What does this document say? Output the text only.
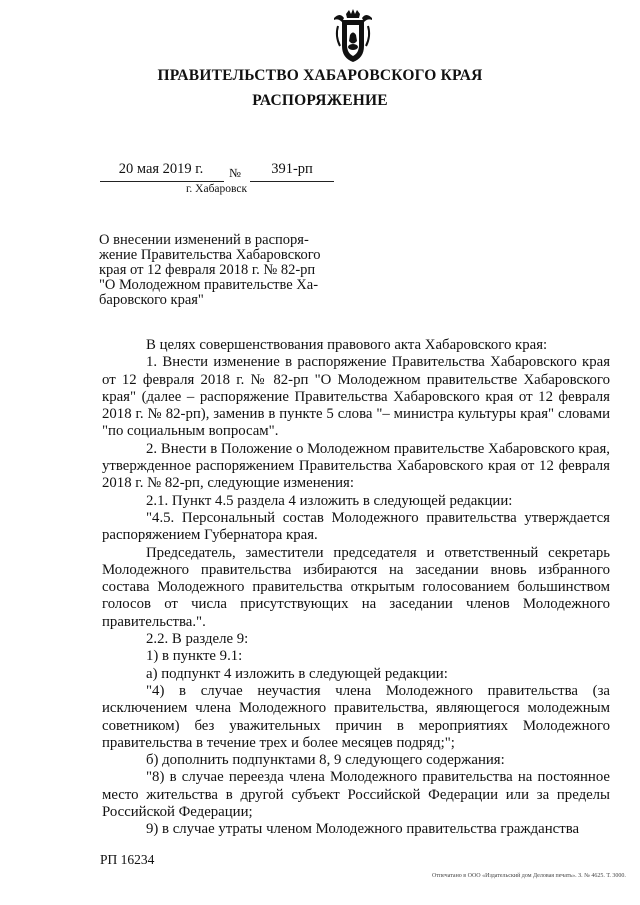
ПРАВИТЕЛЬСТВО ХАБАРОВСКОГО КРАЯ
РАСПОРЯЖЕНИЕ
20 мая 2019 г.	№	391-рп
г. Хабаровск
О внесении изменений в распоря-
жение Правительства Хабаровского
края от 12 февраля 2018 г. № 82-рп
"О Молодежном правительстве Ха-
баровского края"

В целях совершенствования правового акта Хабаровского края:

1. Внести изменение в распоряжение Правительства Хабаровского края от 12 февраля 2018 г. № 82-рп "О Молодежном правительстве Хабаровского края" (далее – распоряжение Правительства Хабаровского края от 12 февраля 2018 г. № 82-рп), заменив в пункте 5 слова "– министра культуры края" словами "по социальным вопросам".

2. Внести в Положение о Молодежном правительстве Хабаровского края, утвержденное распоряжением Правительства Хабаровского края от 12 февраля 2018 г. № 82-рп, следующие изменения:

2.1. Пункт 4.5 раздела 4 изложить в следующей редакции:

"4.5. Персональный состав Молодежного правительства утверждается распоряжением Губернатора края.

Председатель, заместители председателя и ответственный секретарь Молодежного правительства избираются на заседании вновь избранного состава Молодежного правительства открытым голосованием большинством голосов от числа присутствующих на заседании членов Молодежного правительства.".

2.2. В разделе 9:

1) в пункте 9.1:

а) подпункт 4 изложить в следующей редакции:

"4) в случае неучастия члена Молодежного правительства (за исключением члена Молодежного правительства, являющегося молодежным советником) без уважительных причин в мероприятиях Молодежного правительства в течение трех и более месяцев подряд;";

б) дополнить подпунктами 8, 9 следующего содержания:

"8) в случае переезда члена Молодежного правительства на постоянное место жительства в другой субъект Российской Федерации или за пределы Российской Федерации;

9) в случае утраты членом Молодежного правительства гражданства

РП 16234
Отпечатано в ООО «Издательский дом Деловая печать». З. № 4625. Т. 3000.
